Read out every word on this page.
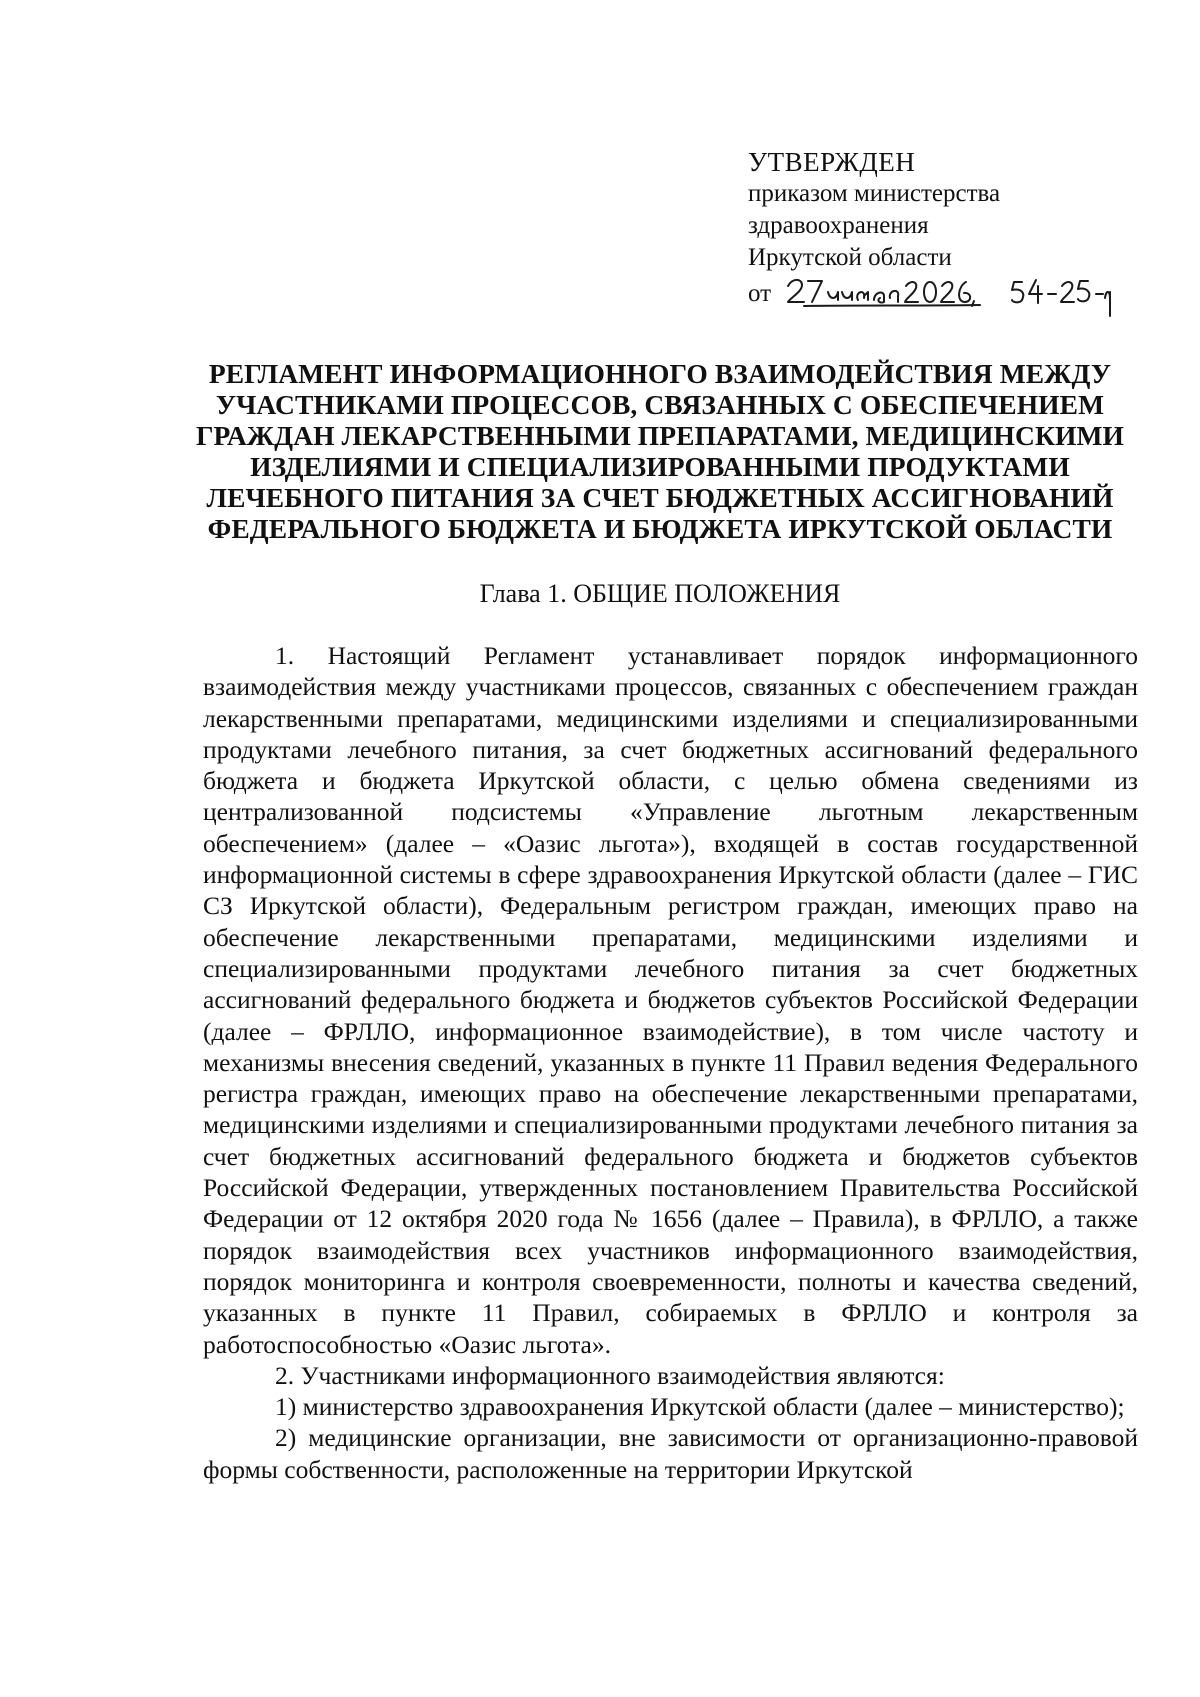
УТВЕРЖДЕН
приказом министерства
здравоохранения
Иркутской области
от
РЕГЛАМЕНТ ИНФОРМАЦИОННОГО ВЗАИМОДЕЙСТВИЯ МЕЖДУ
УЧАСТНИКАМИ ПРОЦЕССОВ, СВЯЗАННЫХ С ОБЕСПЕЧЕНИЕМ
ГРАЖДАН ЛЕКАРСТВЕННЫМИ ПРЕПАРАТАМИ, МЕДИЦИНСКИМИ
ИЗДЕЛИЯМИ И СПЕЦИАЛИЗИРОВАННЫМИ ПРОДУКТАМИ
ЛЕЧЕБНОГО ПИТАНИЯ ЗА СЧЕТ БЮДЖЕТНЫХ АССИГНОВАНИЙ
ФЕДЕРАЛЬНОГО БЮДЖЕТА И БЮДЖЕТА ИРКУТСКОЙ ОБЛАСТИ
Глава 1. ОБЩИЕ ПОЛОЖЕНИЯ

1. Настоящий Регламент устанавливает порядок информационного взаимодействия между участниками процессов, связанных с обеспечением граждан лекарственными препаратами, медицинскими изделиями и специализированными продуктами лечебного питания, за счет бюджетных ассигнований федерального бюджета и бюджета Иркутской области, с целью обмена сведениями из централизованной подсистемы «Управление льготным лекарственным обеспечением» (далее – «Оазис льгота»), входящей в состав государственной информационной системы в сфере здравоохранения Иркутской области (далее – ГИС СЗ Иркутской области), Федеральным регистром граждан, имеющих право на обеспечение лекарственными препаратами, медицинскими изделиями и специализированными продуктами лечебного питания за счет бюджетных ассигнований федерального бюджета и бюджетов субъектов Российской Федерации (далее – ФРЛЛО, информационное взаимодействие), в том числе частоту и механизмы внесения сведений, указанных в пункте 11 Правил ведения Федерального регистра граждан, имеющих право на обеспечение лекарственными препаратами, медицинскими изделиями и специализированными продуктами лечебного питания за счет бюджетных ассигнований федерального бюджета и бюджетов субъектов Российской Федерации, утвержденных постановлением Правительства Российской Федерации от 12 октября 2020 года № 1656 (далее – Правила), в ФРЛЛО, а также порядок взаимодействия всех участников информационного взаимодействия, порядок мониторинга и контроля своевременности, полноты и качества сведений, указанных в пункте 11 Правил, собираемых в ФРЛЛО и контроля за работоспособностью «Оазис льгота».

2. Участниками информационного взаимодействия являются:

1) министерство здравоохранения Иркутской области (далее – министерство);

2) медицинские организации, вне зависимости от организационно-правовой формы собственности, расположенные на территории Иркутской
